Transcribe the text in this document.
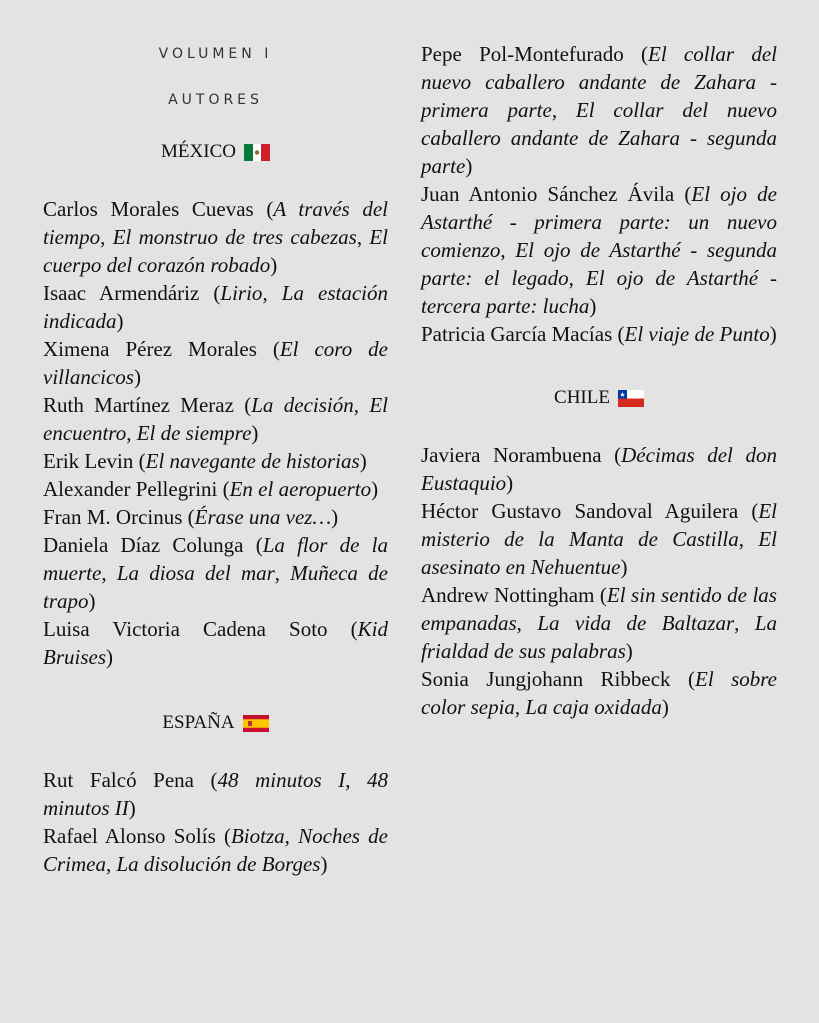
VOLUMEN I

AUTORES

MÉXICO

Carlos Morales Cuevas (A través del tiempo, El monstruo de tres cabezas, El cuerpo del corazón robado)

Isaac Armendáriz (Lirio, La estación indicada)

Ximena Pérez Morales (El coro de villancicos)

Ruth Martínez Meraz (La decisión, El encuentro, El de siempre)

Erik Levin (El navegante de historias)

Alexander Pellegrini (En el aeropuerto)

Fran M. Orcinus (Érase una vez…)

Daniela Díaz Colunga (La flor de la muerte, La diosa del mar, Muñeca de trapo)

Luisa Victoria Cadena Soto (Kid Bruises)

ESPAÑA

Rut Falcó Pena (48 minutos I, 48 minutos II)

Rafael Alonso Solís (Biotza, Noches de Crimea, La disolución de Borges)

Pepe Pol-Montefurado (El collar del nuevo caballero andante de Zahara - primera parte, El collar del nuevo caballero andante de Zahara - segunda parte)

Juan Antonio Sánchez Ávila (El ojo de Astarthé - primera parte: un nuevo comienzo, El ojo de Astarthé - segunda parte: el legado, El ojo de Astarthé - tercera parte: lucha)

Patricia García Macías (El viaje de Punto)

CHILE

Javiera Norambuena (Décimas del don Eustaquio)

Héctor Gustavo Sandoval Aguilera (El misterio de la Manta de Castilla, El asesinato en Nehuentue)

Andrew Nottingham (El sin sentido de las empanadas, La vida de Baltazar, La frialdad de sus palabras)

Sonia Jungjohann Ribbeck (El sobre color sepia, La caja oxidada)
